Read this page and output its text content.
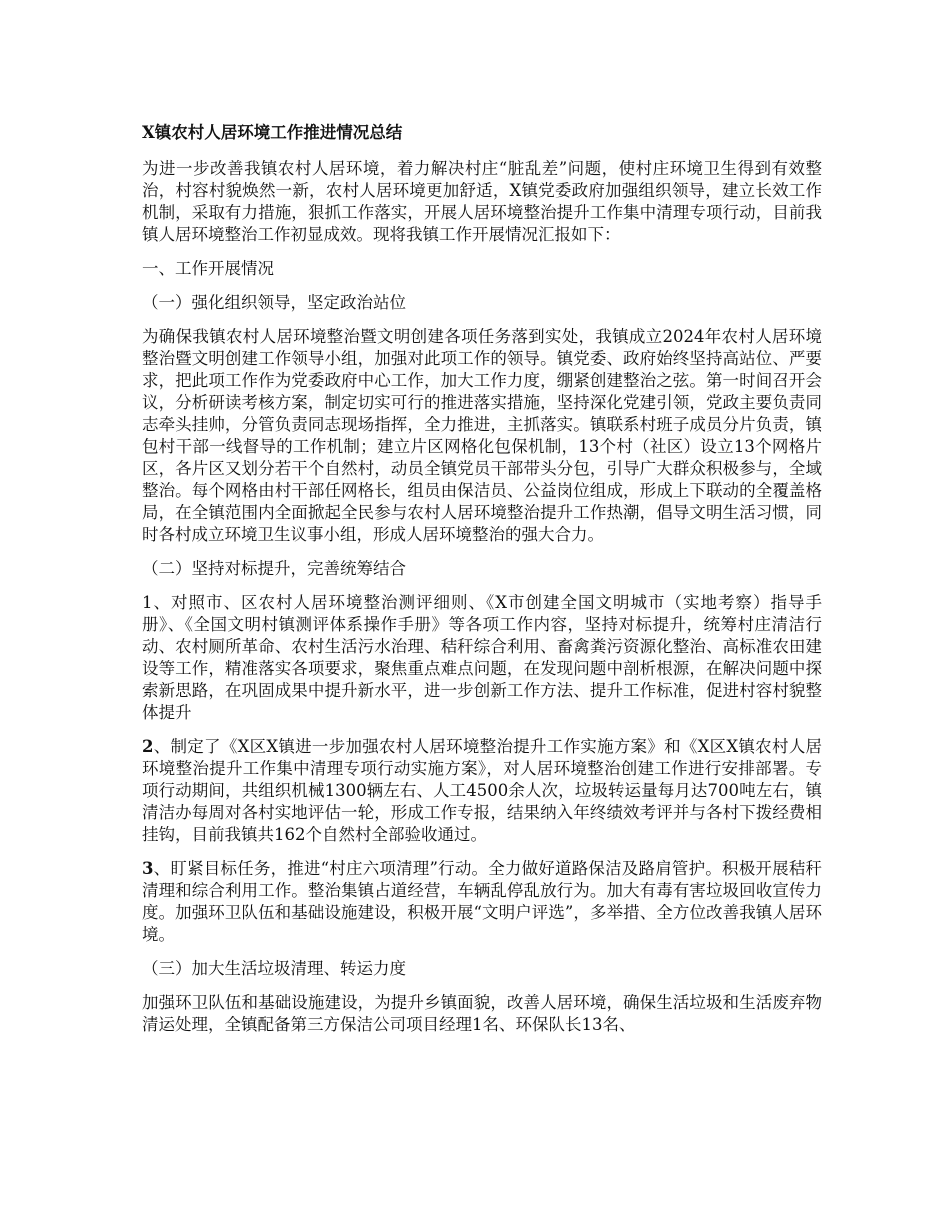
X镇农村人居环境工作推进情况总结

为进一步改善我镇农村人居环境，着力解决村庄“脏乱差”问题，使村庄环境卫生得到有效整治，村容村貌焕然一新，农村人居环境更加舒适，X镇党委政府加强组织领导，建立长效工作机制，采取有力措施，狠抓工作落实，开展人居环境整治提升工作集中清理专项行动，目前我镇人居环境整治工作初显成效。现将我镇工作开展情况汇报如下：

一、工作开展情况

（一）强化组织领导，坚定政治站位

为确保我镇农村人居环境整治暨文明创建各项任务落到实处，我镇成立2024年农村人居环境整治暨文明创建工作领导小组，加强对此项工作的领导。镇党委、政府始终坚持高站位、严要求，把此项工作作为党委政府中心工作，加大工作力度，绷紧创建整治之弦。第一时间召开会议，分析研读考核方案，制定切实可行的推进落实措施，坚持深化党建引领，党政主要负责同志牵头挂帅，分管负责同志现场指挥，全力推进，主抓落实。镇联系村班子成员分片负责，镇包村干部一线督导的工作机制；建立片区网格化包保机制，13个村（社区）设立13个网格片区，各片区又划分若干个自然村，动员全镇党员干部带头分包，引导广大群众积极参与，全域整治。每个网格由村干部任网格长，组员由保洁员、公益岗位组成，形成上下联动的全覆盖格局，在全镇范围内全面掀起全民参与农村人居环境整治提升工作热潮，倡导文明生活习惯，同时各村成立环境卫生议事小组，形成人居环境整治的强大合力。

（二）坚持对标提升，完善统筹结合

1、对照市、区农村人居环境整治测评细则、《X市创建全国文明城市（实地考察）指导手册》、《全国文明村镇测评体系操作手册》等各项工作内容，坚持对标提升，统筹村庄清洁行动、农村厕所革命、农村生活污水治理、秸秆综合利用、畜禽粪污资源化整治、高标准农田建设等工作，精准落实各项要求，聚焦重点难点问题，在发现问题中剖析根源，在解决问题中探索新思路，在巩固成果中提升新水平，进一步创新工作方法、提升工作标准，促进村容村貌整体提升

2、制定了《X区X镇进一步加强农村人居环境整治提升工作实施方案》和《X区X镇农村人居环境整治提升工作集中清理专项行动实施方案》，对人居环境整治创建工作进行安排部署。专项行动期间，共组织机械1300辆左右、人工4500余人次，垃圾转运量每月达700吨左右，镇清洁办每周对各村实地评估一轮，形成工作专报，结果纳入年终绩效考评并与各村下拨经费相挂钩，目前我镇共162个自然村全部验收通过。

3、盯紧目标任务，推进“村庄六项清理”行动。全力做好道路保洁及路肩管护。积极开展秸秆清理和综合利用工作。整治集镇占道经营，车辆乱停乱放行为。加大有毒有害垃圾回收宣传力度。加强环卫队伍和基础设施建设，积极开展“文明户评选”，多举措、全方位改善我镇人居环境。

（三）加大生活垃圾清理、转运力度

加强环卫队伍和基础设施建设，为提升乡镇面貌，改善人居环境，确保生活垃圾和生活废弃物清运处理，全镇配备第三方保洁公司项目经理1名、环保队长13名、
